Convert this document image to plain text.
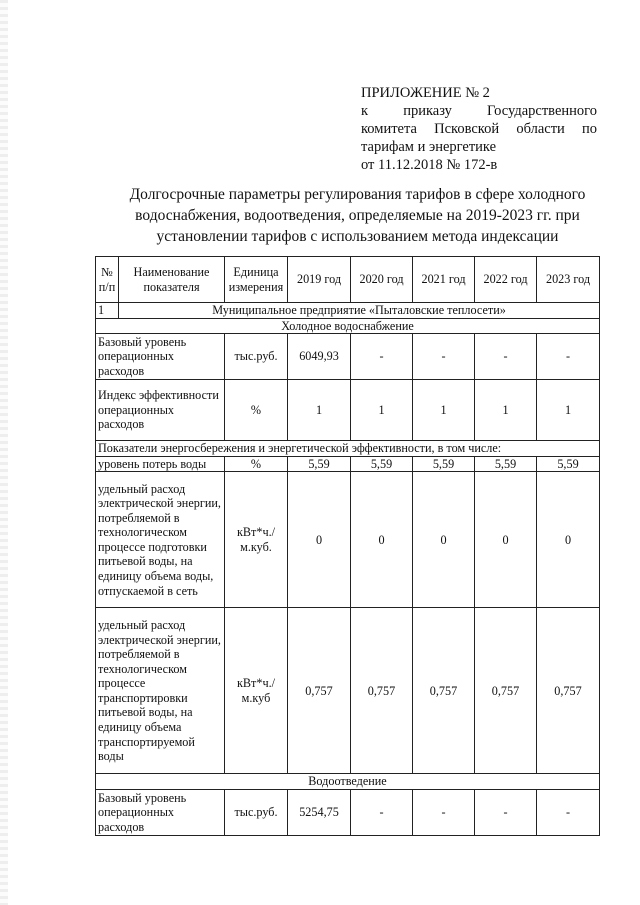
ПРИЛОЖЕНИЕ № 2
к приказу Государственного
комитета Псковской области по
тарифам и энергетике
от 11.12.2018 № 172-в
Долгосрочные параметры регулирования тарифов в сфере холодного
водоснабжения, водоотведения, определяемые на 2019-2023 гг. при
установлении тарифов с использованием метода индексации
№ п/п	Наименование показателя	Единица измерения	2019 год	2020 год	2021 год	2022 год	2023 год
1	Муниципальное предприятие «Пыталовские теплосети»						
Холодное водоснабжение							
Базовый уровень операционных расходов		тыс.руб.	6049,93	-	-	-	-
Индекс эффективности операционных расходов		%	1	1	1	1	1
Показатели энергосбережения и энергетической эффективности, в том числе:							
уровень потерь воды		%	5,59	5,59	5,59	5,59	5,59
удельный расход электрической энергии, потребляемой в технологическом процессе подготовки питьевой воды, на единицу объема воды, отпускаемой в сеть		кВт*ч./м.куб.	0	0	0	0	0
удельный расход электрической энергии, потребляемой в технологическом процессе транспортировки питьевой воды, на единицу объема транспортируемой воды		кВт*ч./м.куб	0,757	0,757	0,757	0,757	0,757
Водоотведение							
Базовый уровень операционных расходов		тыс.руб.	5254,75	-	-	-	-
